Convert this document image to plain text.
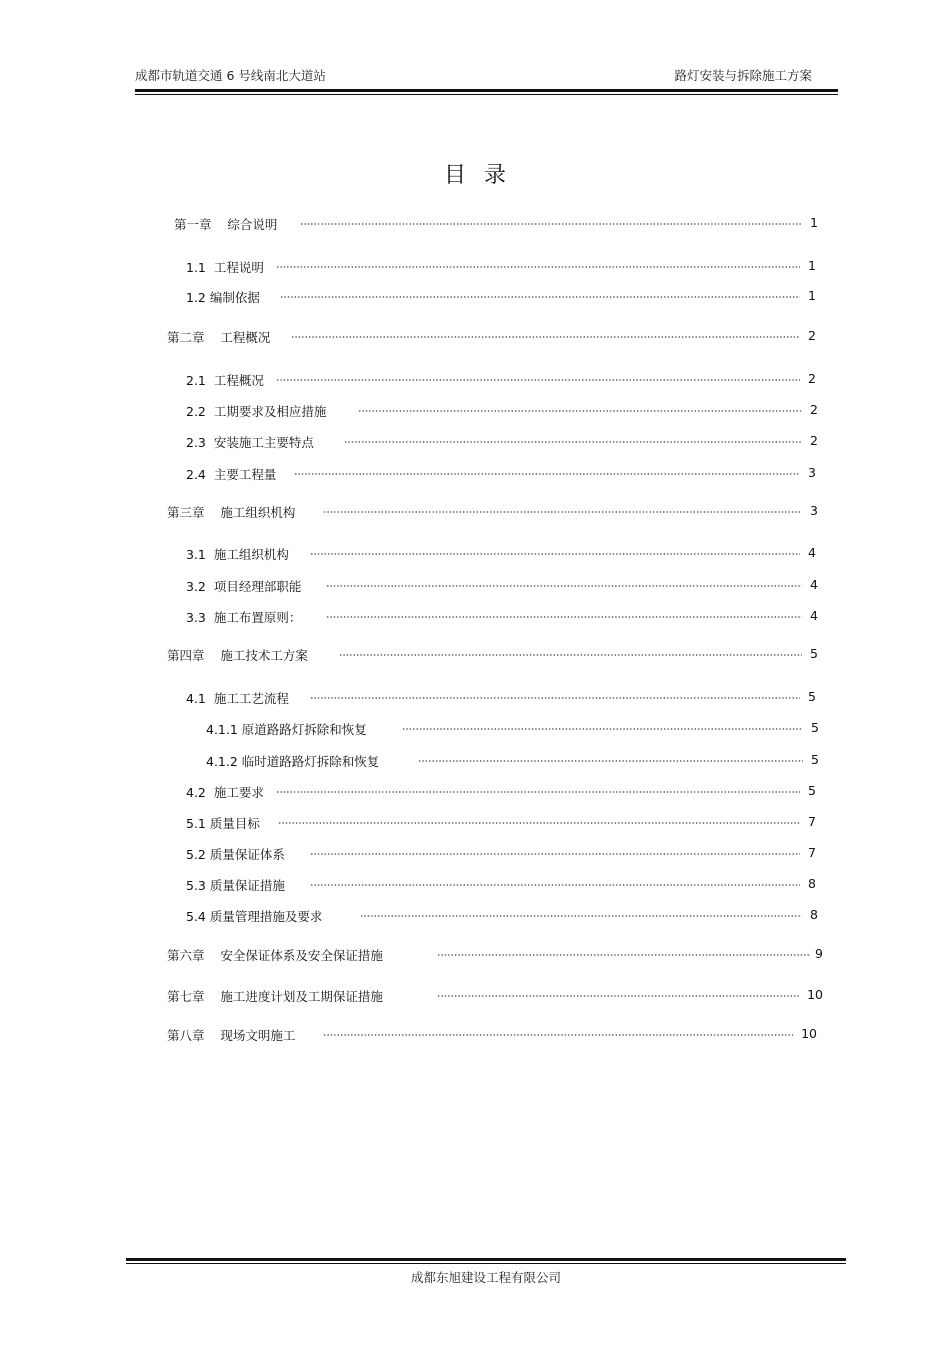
成都市轨道交通 6 号线南北大道站	路灯安装与拆除施工方案
目录
第一章    综合说明	1
1.1  工程说明	1
1.2 编制依据	1
第二章    工程概况	2
2.1  工程概况	2
2.2  工期要求及相应措施	2
2.3  安装施工主要特点	2
2.4  主要工程量	3
第三章    施工组织机构	3
3.1  施工组织机构	4
3.2  项目经理部职能	4
3.3  施工布置原则：	4
第四章    施工技术工方案	5
4.1  施工工艺流程	5
4.1.1 原道路路灯拆除和恢复	5
4.1.2 临时道路路灯拆除和恢复	5
4.2  施工要求	5
5.1 质量目标	7
5.2 质量保证体系	7
5.3 质量保证措施	8
5.4 质量管理措施及要求	8
第六章    安全保证体系及安全保证措施	9
第七章    施工进度计划及工期保证措施	10
第八章    现场文明施工	10
成都东旭建设工程有限公司
